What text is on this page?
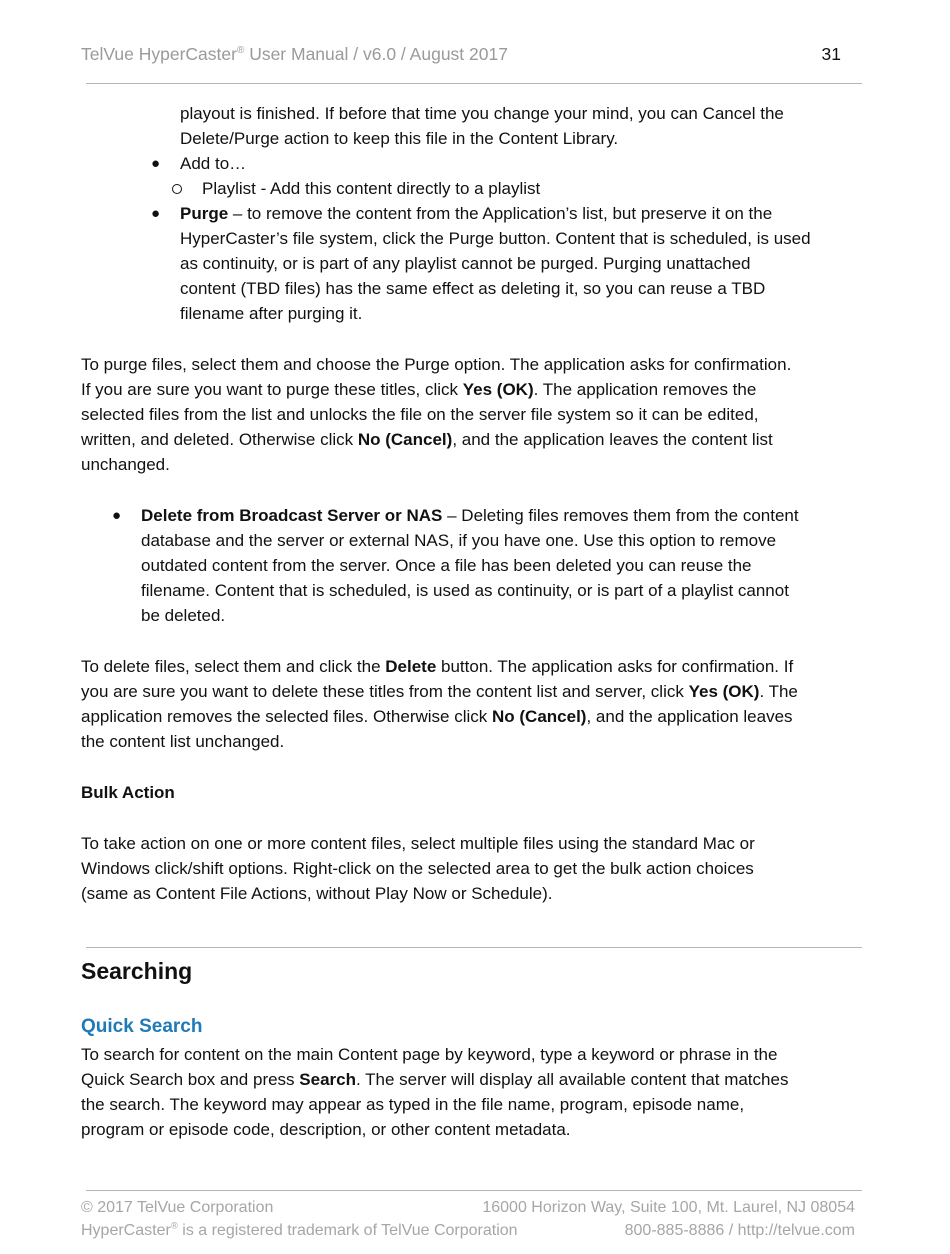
TelVue HyperCaster® User Manual / v6.0 / August 2017	31
playout is finished. If before that time you change your mind, you can Cancel the
Delete/Purge action to keep this file in the Content Library.
● Add to…
Playlist - Add this content directly to a playlist
● Purge – to remove the content from the Application’s list, but preserve it on the
HyperCaster’s file system, click the Purge button. Content that is scheduled, is used
as continuity, or is part of any playlist cannot be purged. Purging unattached
content (TBD files) has the same effect as deleting it, so you can reuse a TBD
filename after purging it.
To purge files, select them and choose the Purge option. The application asks for confirmation.
If you are sure you want to purge these titles, click Yes (OK). The application removes the
selected files from the list and unlocks the file on the server file system so it can be edited,
written, and deleted. Otherwise click No (Cancel), and the application leaves the content list
unchanged.
● Delete from Broadcast Server or NAS – Deleting files removes them from the content
database and the server or external NAS, if you have one. Use this option to remove
outdated content from the server. Once a file has been deleted you can reuse the
filename. Content that is scheduled, is used as continuity, or is part of a playlist cannot
be deleted.
To delete files, select them and click the Delete button. The application asks for confirmation. If
you are sure you want to delete these titles from the content list and server, click Yes (OK). The
application removes the selected files. Otherwise click No (Cancel), and the application leaves
the content list unchanged.
Bulk Action
To take action on one or more content files, select multiple files using the standard Mac or
Windows click/shift options. Right-click on the selected area to get the bulk action choices
(same as Content File Actions, without Play Now or Schedule).
Searching
Quick Search
To search for content on the main Content page by keyword, type a keyword or phrase in the
Quick Search box and press Search. The server will display all available content that matches
the search. The keyword may appear as typed in the file name, program, episode name,
program or episode code, description, or other content metadata.
© 2017 TelVue Corporation	16000 Horizon Way, Suite 100, Mt. Laurel, NJ 08054
HyperCaster® is a registered trademark of TelVue Corporation	800-885-8886 / http://telvue.com
